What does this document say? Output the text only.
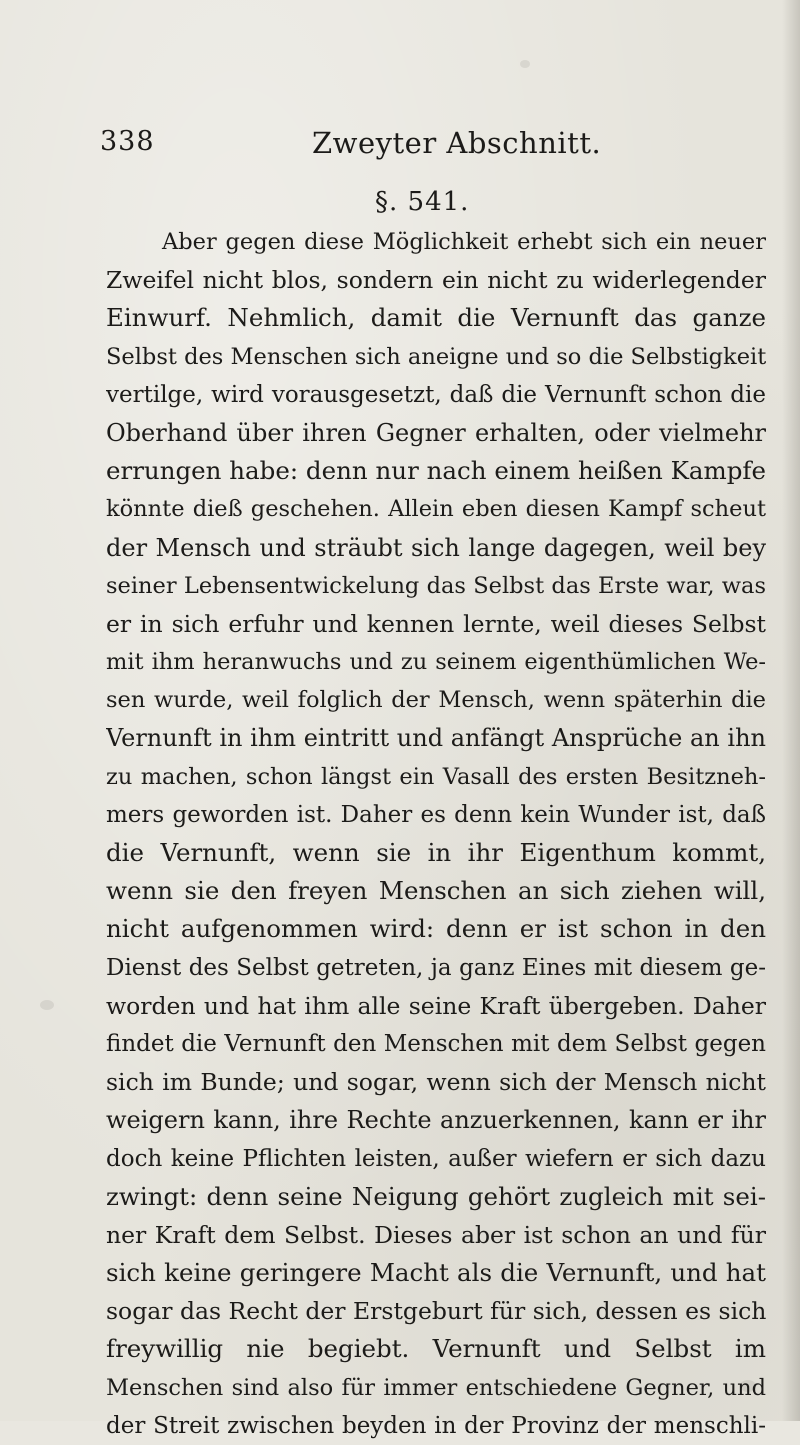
338	Zweyter Abschnitt.
§. 541.
Aber gegen diese Möglichkeit erhebt sich ein neuer
Zweifel nicht blos, sondern ein nicht zu widerlegender
Einwurf. Nehmlich, damit die Vernunft das ganze
Selbst des Menschen sich aneigne und so die Selbstigkeit
vertilge, wird vorausgesetzt, daß die Vernunft schon die
Oberhand über ihren Gegner erhalten, oder vielmehr
errungen habe: denn nur nach einem heißen Kampfe
könnte dieß geschehen. Allein eben diesen Kampf scheut
der Mensch und sträubt sich lange dagegen, weil bey
seiner Lebensentwickelung das Selbst das Erste war, was
er in sich erfuhr und kennen lernte, weil dieses Selbst
mit ihm heranwuchs und zu seinem eigenthümlichen We-
sen wurde, weil folglich der Mensch, wenn späterhin die
Vernunft in ihm eintritt und anfängt Ansprüche an ihn
zu machen, schon längst ein Vasall des ersten Besitzneh-
mers geworden ist. Daher es denn kein Wunder ist, daß
die Vernunft, wenn sie in ihr Eigenthum kommt,
wenn sie den freyen Menschen an sich ziehen will,
nicht aufgenommen wird: denn er ist schon in den
Dienst des Selbst getreten, ja ganz Eines mit diesem ge-
worden und hat ihm alle seine Kraft übergeben. Daher
findet die Vernunft den Menschen mit dem Selbst gegen
sich im Bunde; und sogar, wenn sich der Mensch nicht
weigern kann, ihre Rechte anzuerkennen, kann er ihr
doch keine Pflichten leisten, außer wiefern er sich dazu
zwingt: denn seine Neigung gehört zugleich mit sei-
ner Kraft dem Selbst. Dieses aber ist schon an und für
sich keine geringere Macht als die Vernunft, und hat
sogar das Recht der Erstgeburt für sich, dessen es sich
freywillig nie begiebt. Vernunft und Selbst im
Menschen sind also für immer entschiedene Gegner, und
der Streit zwischen beyden in der Provinz der menschli-
